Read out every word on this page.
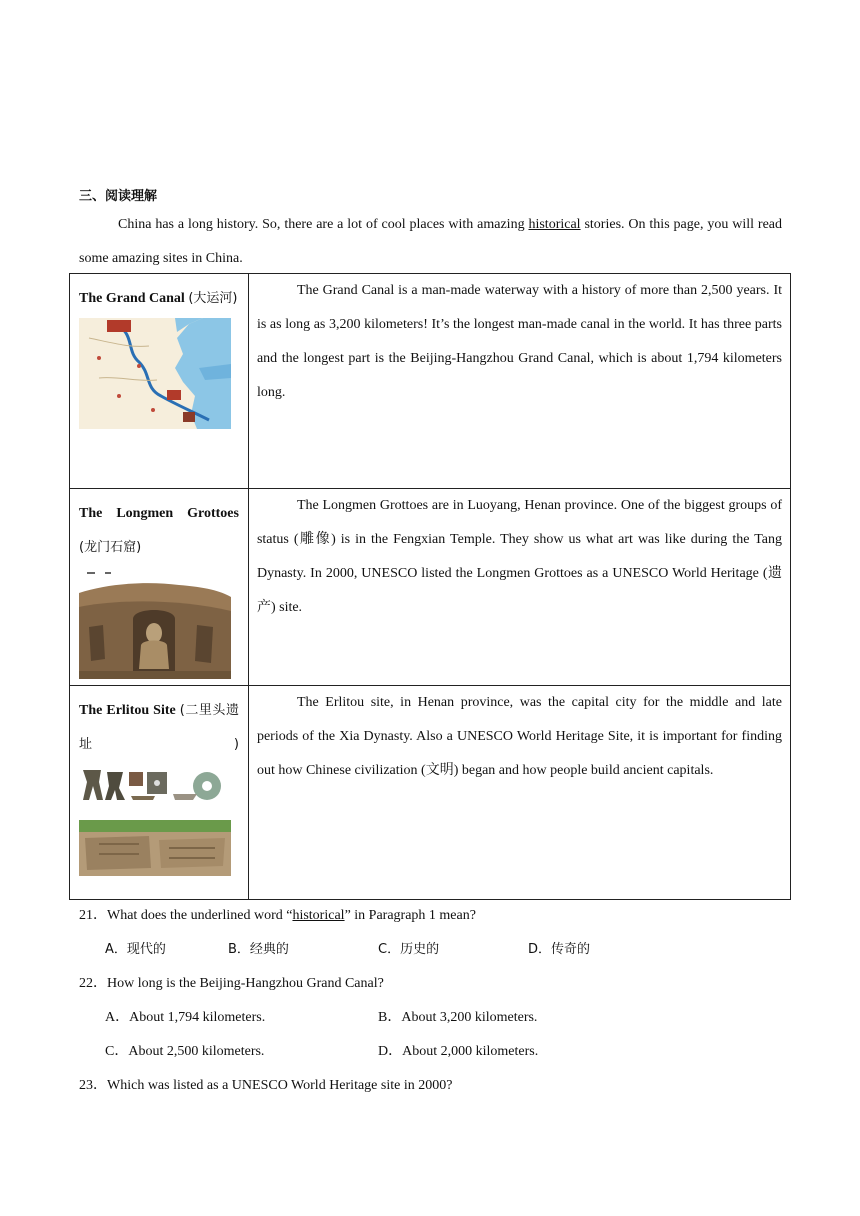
三、阅读理解
China has a long history. So, there are a lot of cool places with amazing historical stories. On this page, you will read some amazing sites in China.
The Grand Canal (大运河)	The Grand Canal is a man-made waterway with a history of more than 2,500 years. It is as long as 3,200 kilometers! It’s the longest man-made canal in the world. It has three parts and the longest part is the Beijing-Hangzhou Grand Canal, which is about 1,794 kilometers long.

The Longmen Grottoes (龙门石窟)	The Longmen Grottoes are in Luoyang, Henan province. One of the biggest groups of status (雕像) is in the Fengxian Temple. They show us what art was like during the Tang Dynasty. In 2000, UNESCO listed the Longmen Grottoes as a UNESCO World Heritage (遗产) site.

The Erlitou Site (二里头遗址)	The Erlitou site, in Henan province, was the capital city for the middle and late periods of the Xia Dynasty. Also a UNESCO World Heritage Site, it is important for finding out how Chinese civilization (文明) began and how people build ancient capitals.
21．What does the underlined word “historical” in Paragraph 1 mean?
A．现代的	B．经典的	C．历史的	D．传奇的
22．How long is the Beijing-Hangzhou Grand Canal?
A．About 1,794 kilometers.	B．About 3,200 kilometers.
C．About 2,500 kilometers.	D．About 2,000 kilometers.
23．Which was listed as a UNESCO World Heritage site in 2000?
